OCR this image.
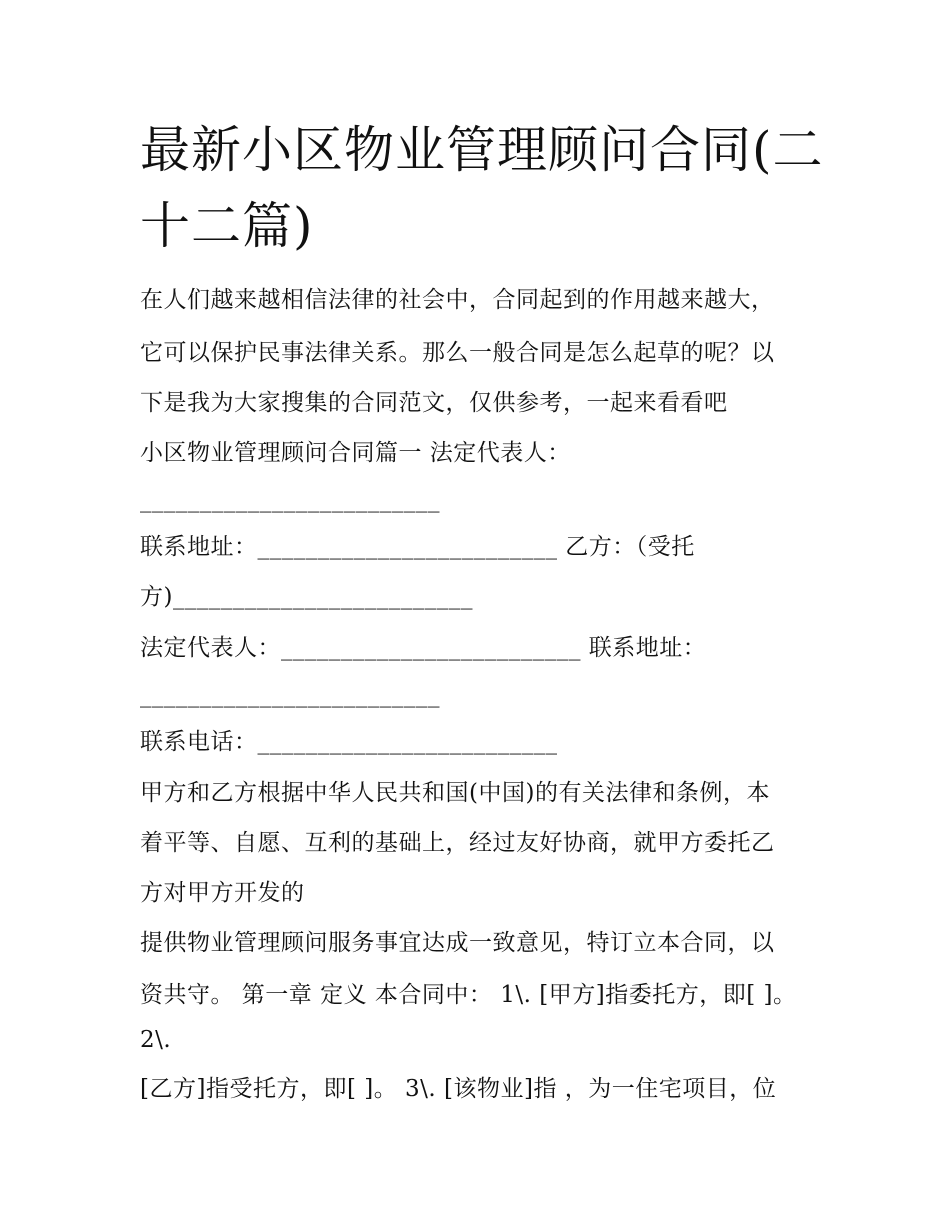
最新小区物业管理顾问合同(二
十二篇)
在人们越来越相信法律的社会中，合同起到的作用越来越大，
它可以保护民事法律关系。那么一般合同是怎么起草的呢？以
下是我为大家搜集的合同范文，仅供参考，一起来看看吧
小区物业管理顾问合同篇一 法定代表人：
_________________________
联系地址：_________________________ 乙方：（受托
方)_________________________
法定代表人：_________________________ 联系地址：
_________________________
联系电话：_________________________
甲方和乙方根据中华人民共和国(中国)的有关法律和条例，本
着平等、自愿、互利的基础上，经过友好协商，就甲方委托乙
方对甲方开发的
提供物业管理顾问服务事宜达成一致意见，特订立本合同，以
资共守。 第一章 定义 本合同中： 1\. [甲方]指委托方，即[ ]。
2\.
[乙方]指受托方，即[ ]。 3\. [该物业]指 ，为一住宅项目，位
